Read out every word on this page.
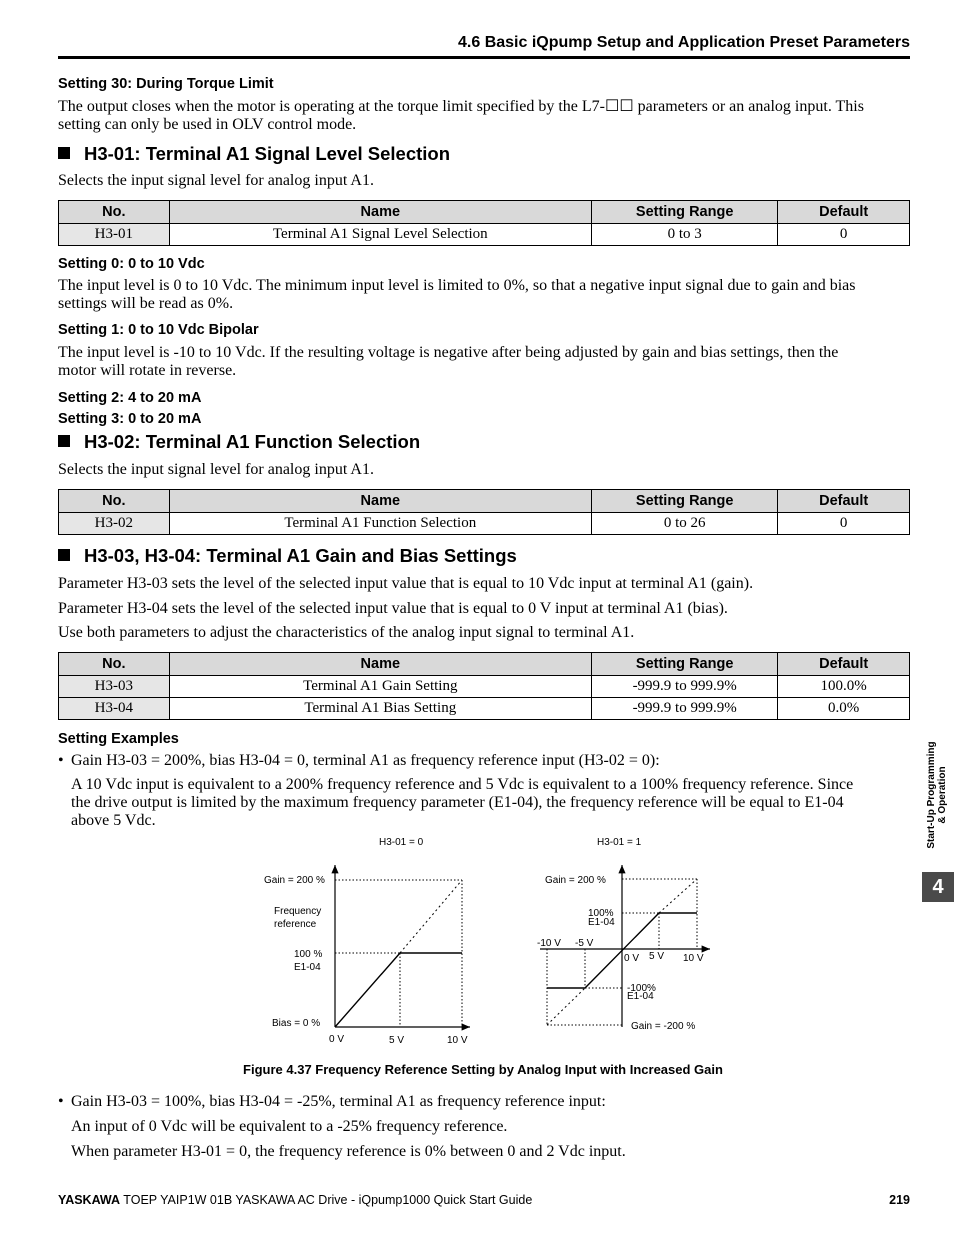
4.6 Basic iQpump Setup and Application Preset Parameters
Setting 30: During Torque Limit
The output closes when the motor is operating at the torque limit specified by the L7-☐☐ parameters or an analog input. This
setting can only be used in OLV control mode.
H3-01: Terminal A1 Signal Level Selection
Selects the input signal level for analog input A1.
No.	Name	Setting Range	Default
H3-01	Terminal A1 Signal Level Selection	0 to 3	0
Setting 0: 0 to 10 Vdc
The input level is 0 to 10 Vdc. The minimum input level is limited to 0%, so that a negative input signal due to gain and bias
settings will be read as 0%.
Setting 1: 0 to 10 Vdc Bipolar
The input level is -10 to 10 Vdc. If the resulting voltage is negative after being adjusted by gain and bias settings, then the
motor will rotate in reverse.
Setting 2: 4 to 20 mA
Setting 3: 0 to 20 mA
H3-02: Terminal A1 Function Selection
Selects the input signal level for analog input A1.
No.	Name	Setting Range	Default
H3-02	Terminal A1 Function Selection	0 to 26	0
H3-03, H3-04: Terminal A1 Gain and Bias Settings
Parameter H3-03 sets the level of the selected input value that is equal to 10 Vdc input at terminal A1 (gain).
Parameter H3-04 sets the level of the selected input value that is equal to 0 V input at terminal A1 (bias).
Use both parameters to adjust the characteristics of the analog input signal to terminal A1.
No.	Name	Setting Range	Default
H3-03	Terminal A1 Gain Setting	-999.9 to 999.9%	100.0%
H3-04	Terminal A1 Bias Setting	-999.9 to 999.9%	0.0%
Setting Examples
• Gain H3-03 = 200%, bias H3-04 = 0, terminal A1 as frequency reference input (H3-02 = 0):
A 10 Vdc input is equivalent to a 200% frequency reference and 5 Vdc is equivalent to a 100% frequency reference. Since
the drive output is limited by the maximum frequency parameter (E1-04), the frequency reference will be equal to E1-04
above 5 Vdc.
H3-01 = 0
Gain = 200 %
Frequency
reference
100 %
E1-04
Bias = 0 %
0 V	5 V	10 V
H3-01 = 1
Gain = 200 %
100%
E1-04
-10 V -5 V
0 V 5 V 10 V
-100%
E1-04
Gain = -200 %
Figure 4.37 Frequency Reference Setting by Analog Input with Increased Gain
• Gain H3-03 = 100%, bias H3-04 = -25%, terminal A1 as frequency reference input:
An input of 0 Vdc will be equivalent to a -25% frequency reference.
When parameter H3-01 = 0, the frequency reference is 0% between 0 and 2 Vdc input.
Start-Up Programming & Operation
4
YASKAWA TOEP YAIP1W 01B YASKAWA AC Drive - iQpump1000 Quick Start Guide	219
